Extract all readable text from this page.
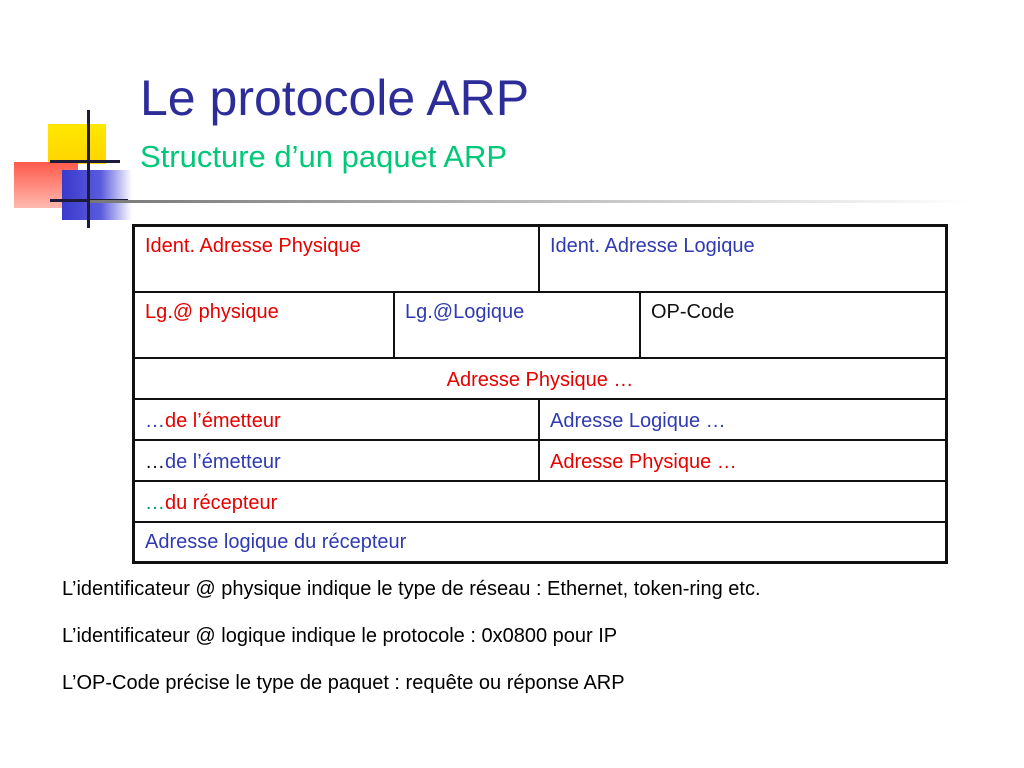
Le protocole ARP
Structure d’un paquet ARP
Ident. Adresse Physique	Ident. Adresse Logique
Lg.@ physique	Lg.@Logique	OP-Code
Adresse Physique …
…de l’émetteur	Adresse Logique …
…de l’émetteur	Adresse Physique …
…du récepteur
Adresse logique du récepteur

L’identificateur @ physique indique le type de réseau : Ethernet, token-ring etc.

L’identificateur @ logique indique le protocole : 0x0800 pour IP

L’OP-Code précise le type de paquet : requête ou réponse ARP
